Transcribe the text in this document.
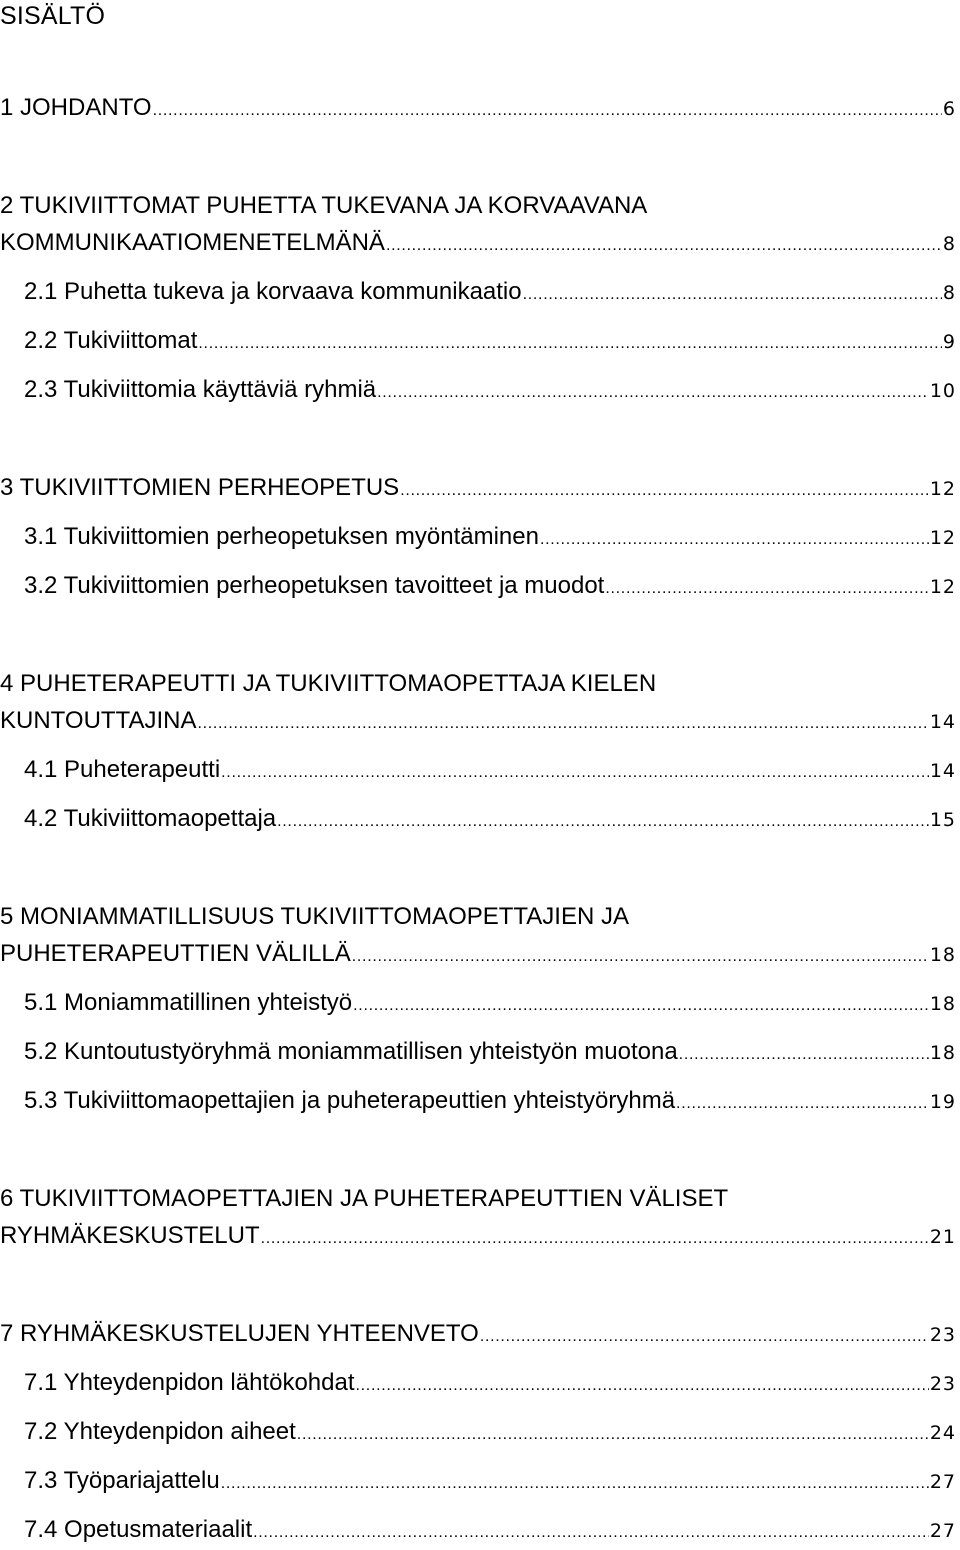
SISÄLTÖ
1 JOHDANTO .....	6
2 TUKIVIITTOMAT PUHETTA TUKEVANA JA KORVAAVANA
KOMMUNIKAATIOMENETELMÄNÄ .....	8
2.1 Puhetta tukeva ja korvaava kommunikaatio .....	8
2.2 Tukiviittomat .....	9
2.3 Tukiviittomia käyttäviä ryhmiä .....	10
3 TUKIVIITTOMIEN PERHEOPETUS .....	12
3.1 Tukiviittomien perheopetuksen myöntäminen .....	12
3.2 Tukiviittomien perheopetuksen tavoitteet ja muodot .....	12
4 PUHETERAPEUTTI JA TUKIVIITTOMAOPETTAJA KIELEN
KUNTOUTTAJINA .....	14
4.1 Puheterapeutti .....	14
4.2 Tukiviittomaopettaja .....	15
5 MONIAMMATILLISUUS TUKIVIITTOMAOPETTAJIEN JA
PUHETERAPEUTTIEN VÄLILLÄ .....	18
5.1 Moniammatillinen yhteistyö .....	18
5.2 Kuntoutustyöryhmä moniammatillisen yhteistyön muotona .....	18
5.3 Tukiviittomaopettajien ja puheterapeuttien yhteistyöryhmä .....	19
6 TUKIVIITTOMAOPETTAJIEN JA PUHETERAPEUTTIEN VÄLISET
RYHMÄKESKUSTELUT .....	21
7 RYHMÄKESKUSTELUJEN YHTEENVETO .....	23
7.1 Yhteydenpidon lähtökohdat .....	23
7.2 Yhteydenpidon aiheet .....	24
7.3 Työpariajattelu .....	27
7.4 Opetusmateriaalit .....	27
